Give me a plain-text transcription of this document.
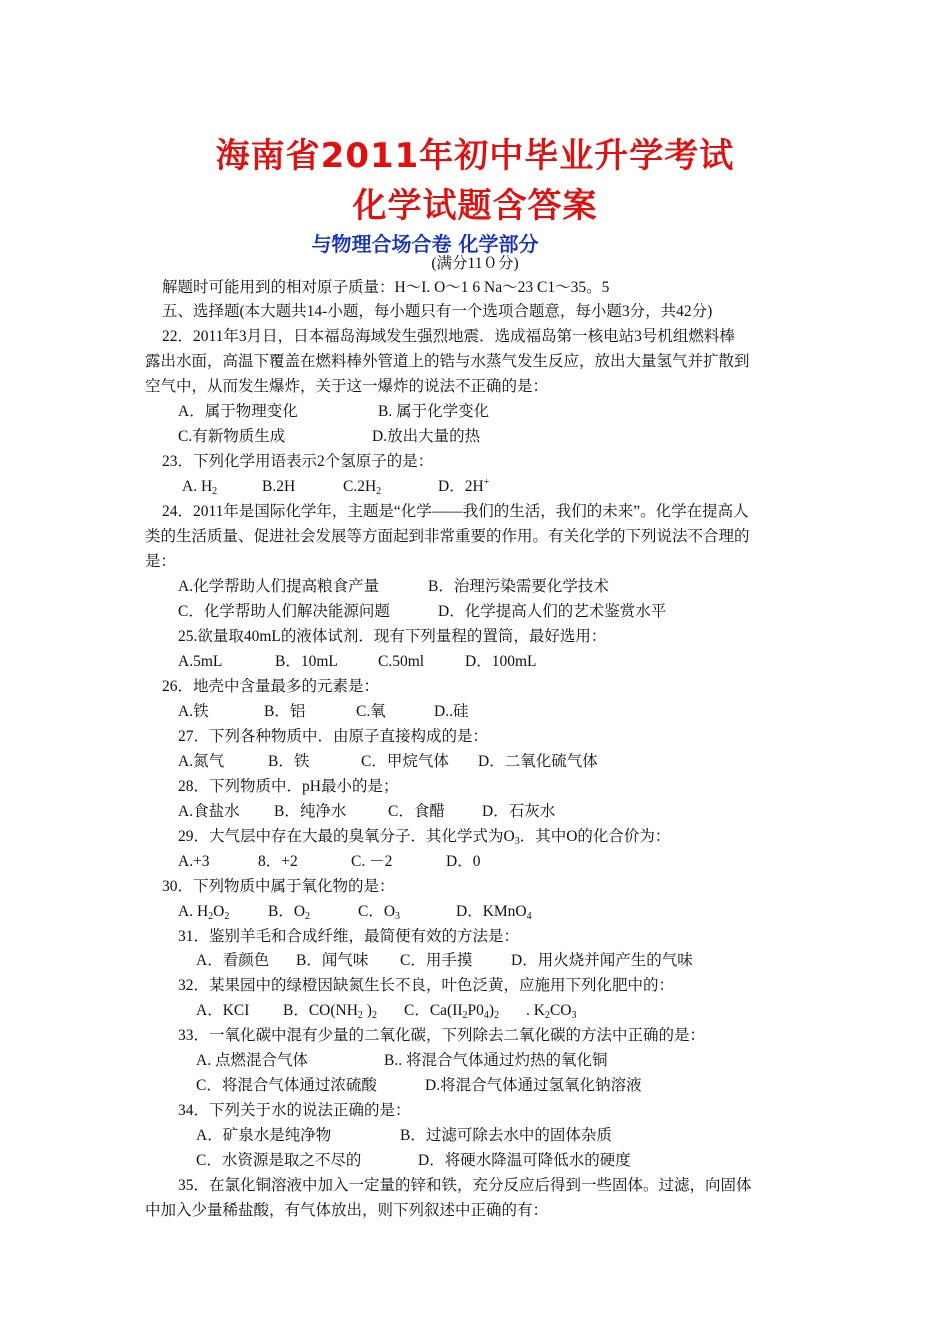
海南省2011年初中毕业升学考试
化学试题含答案
与物理合场合卷 化学部分
(满分11０分)
解题时可能用到的相对原子质量：H～I. O～1 6 Na～23 C1～35。5
五、选择题(本大题共14-小题，每小题只有一个选项合题意，每小题3分，共42分)
22．2011年3月日，日本福岛海域发生强烈地震．选成福岛第一核电站3号机组燃料棒
露出水面，高温下覆盖在燃料棒外管道上的锆与水蒸气发生反应，放出大量氢气并扩散到
空气中，从而发生爆炸，关于这一爆炸的说法不正确的是：
A．属于物理变化	B. 属于化学变化
C.有新物质生成	D.放出大量的热
23．下列化学用语表示2个氢原子的是：
A. $H_2$	B.2H	$C.2H_2$	D．2H+
24．2011年是国际化学年，主题是“化学——我们的生活，我们的未来”。化学在提高人
类的生活质量、促进社会发展等方面起到非常重要的作用。有关化学的下列说法不合理的
是：
A.化学帮助人们提高粮食产量	B．治理污染需要化学技术
C．化学帮助人们解决能源问题	D．化学提高人们的艺术鉴赏水平
25.欲量取40mL的液体试剂．现有下列量程的置筒，最好选用：
A.5mL	B．10mL	C.50ml	D．100mL
26．地壳中含量最多的元素是：
A.铁	B．铝	C.氧	D..硅
27．下列各种物质中．由原子直接构成的是：
A.氮气	B．铁	C．甲烷气体 D．二氧化硫气体
28．下列物质中．pH最小的是；
A.食盐水 B．纯净水	C．食醋 D．石灰水
29．大气层中存在大最的臭氧分子．其化学式为$O_3$．其中O的化合价为：
A.+3	8．+2	C. －2	D．0
30．下列物质中属于氧化物的是：
A. $H_2O_2$ B．$O_2$	C．$O_3$	D．KMnO$_4$
31．鉴别羊毛和合成纤维，最简便有效的方法是：
A．看颜色 B．闻气味 C．用手摸 D．用火烧并闻产生的气味
32．某果园中的绿橙因缺氮生长不良，叶色泛黄，应施用下列化肥中的：
A．KCI B．$CO(NH_2$ )$_2$ C．$Ca(II_2P0_4)_2$ . $K_2CO_3$
33．一氧化碳中混有少量的二氧化碳，下列除去二氧化碳的方法中正确的是：
A. 点燃混合气体	B.. 将混合气体通过灼热的氧化铜
C．将混合气体通过浓硫酸	D.将混合气体通过氢氧化钠溶液
34．下列关于水的说法正确的是：
A．矿泉水是纯净物	B．过滤可除去水中的固体杂质
C．水资源是取之不尽的	D．将硬水降温可降低水的硬度
35．在氯化铜溶液中加入一定量的锌和铁，充分反应后得到一些固体。过滤，向固体
中加入少量稀盐酸，有气体放出，则下列叙述中正确的有：
